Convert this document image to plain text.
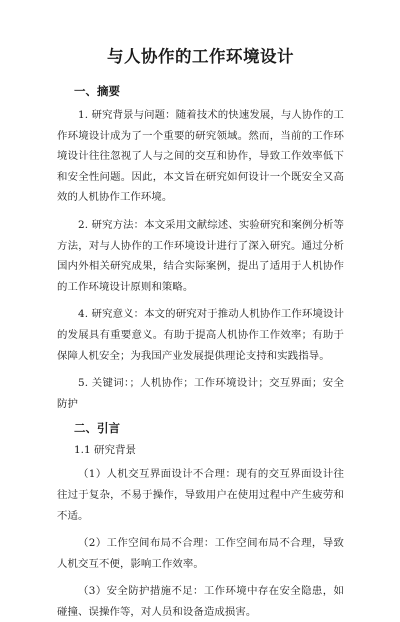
与人协作的工作环境设计
一、摘要

1. 研究背景与问题：随着技术的快速发展，与人协作的工作环境设计成为了一个重要的研究领域。然而，当前的工作环境设计往往忽视了人与之间的交互和协作，导致工作效率低下和安全性问题。因此，本文旨在研究如何设计一个既安全又高效的人机协作工作环境。

2. 研究方法：本文采用文献综述、实验研究和案例分析等方法，对与人协作的工作环境设计进行了深入研究。通过分析国内外相关研究成果，结合实际案例，提出了适用于人机协作的工作环境设计原则和策略。

4. 研究意义：本文的研究对于推动人机协作工作环境设计的发展具有重要意义。有助于提高人机协作工作效率；有助于保障人机安全；为我国产业发展提供理论支持和实践指导。

5. 关键词：；人机协作；工作环境设计；交互界面；安全防护

二、引言
1.1 研究背景

（1）人机交互界面设计不合理：现有的交互界面设计往往过于复杂，不易于操作，导致用户在使用过程中产生疲劳和不适。

（2）工作空间布局不合理：工作空间布局不合理，导致人机交互不便，影响工作效率。

（3）安全防护措施不足：工作环境中存在安全隐患，如碰撞、误操作等，对人员和设备造成损害。
